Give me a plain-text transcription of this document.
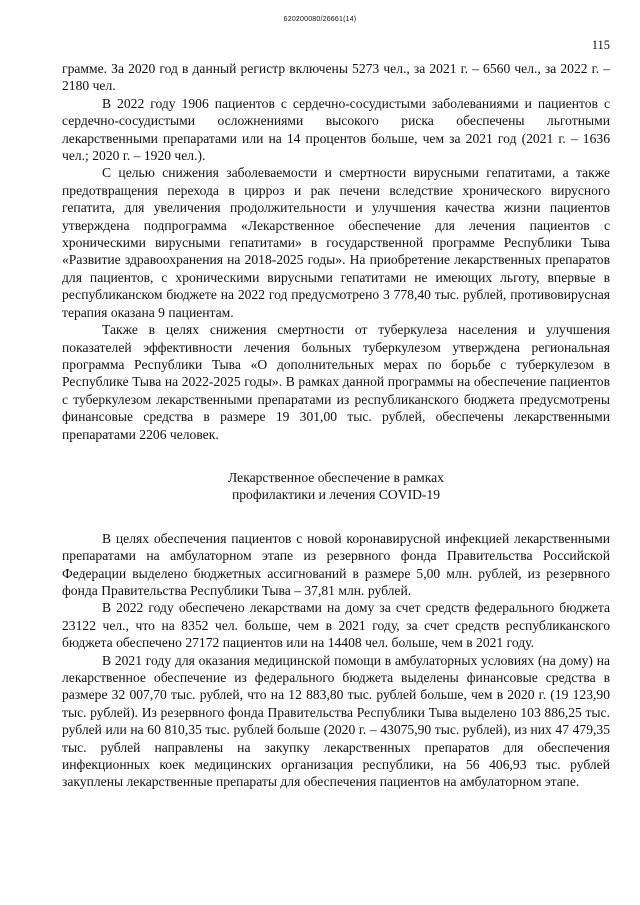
620200080/26661(14)
115

грамме. За 2020 год в данный регистр включены 5273 чел., за 2021 г. – 6560 чел., за 2022 г. – 2180 чел.

В 2022 году 1906 пациентов с сердечно-сосудистыми заболеваниями и пациентов с сердечно-сосудистыми осложнениями высокого риска обеспечены льготными лекарственными препаратами или на 14 процентов больше, чем за 2021 год (2021 г. – 1636 чел.; 2020 г. – 1920 чел.).

С целью снижения заболеваемости и смертности вирусными гепатитами, а также предотвращения перехода в цирроз и рак печени вследствие хронического вирусного гепатита, для увеличения продолжительности и улучшения качества жизни пациентов утверждена подпрограмма «Лекарственное обеспечение для лечения пациентов с хроническими вирусными гепатитами» в государственной программе Республики Тыва «Развитие здравоохранения на 2018-2025 годы». На приобретение лекарственных препаратов для пациентов, с хроническими вирусными гепатитами не имеющих льготу, впервые в республиканском бюджете на 2022 год предусмотрено 3 778,40 тыс. рублей, противовирусная терапия оказана 9 пациентам.

Также в целях снижения смертности от туберкулеза населения и улучшения показателей эффективности лечения больных туберкулезом утверждена региональная программа Республики Тыва «О дополнительных мерах по борьбе с туберкулезом в Республике Тыва на 2022-2025 годы». В рамках данной программы на обеспечение пациентов с туберкулезом лекарственными препаратами из республиканского бюджета предусмотрены финансовые средства в размере 19 301,00 тыс. рублей, обеспечены лекарственными препаратами 2206 человек.

Лекарственное обеспечение в рамках
профилактики и лечения COVID-19

В целях обеспечения пациентов с новой коронавирусной инфекцией лекарственными препаратами на амбулаторном этапе из резервного фонда Правительства Российской Федерации выделено бюджетных ассигнований в размере 5,00 млн. рублей, из резервного фонда Правительства Республики Тыва – 37,81 млн. рублей.

В 2022 году обеспечено лекарствами на дому за счет средств федерального бюджета 23122 чел., что на 8352 чел. больше, чем в 2021 году, за счет средств республиканского бюджета обеспечено 27172 пациентов или на 14408 чел. больше, чем в 2021 году.

В 2021 году для оказания медицинской помощи в амбулаторных условиях (на дому) на лекарственное обеспечение из федерального бюджета выделены финансовые средства в размере 32 007,70 тыс. рублей, что на 12 883,80 тыс. рублей больше, чем в 2020 г. (19 123,90 тыс. рублей). Из резервного фонда Правительства Республики Тыва выделено 103 886,25 тыс. рублей или на 60 810,35 тыс. рублей больше (2020 г. – 43075,90 тыс. рублей), из них 47 479,35 тыс. рублей направлены на закупку лекарственных препаратов для обеспечения инфекционных коек медицинских организация республики, на 56 406,93 тыс. рублей закуплены лекарственные препараты для обеспечения пациентов на амбулаторном этапе.
